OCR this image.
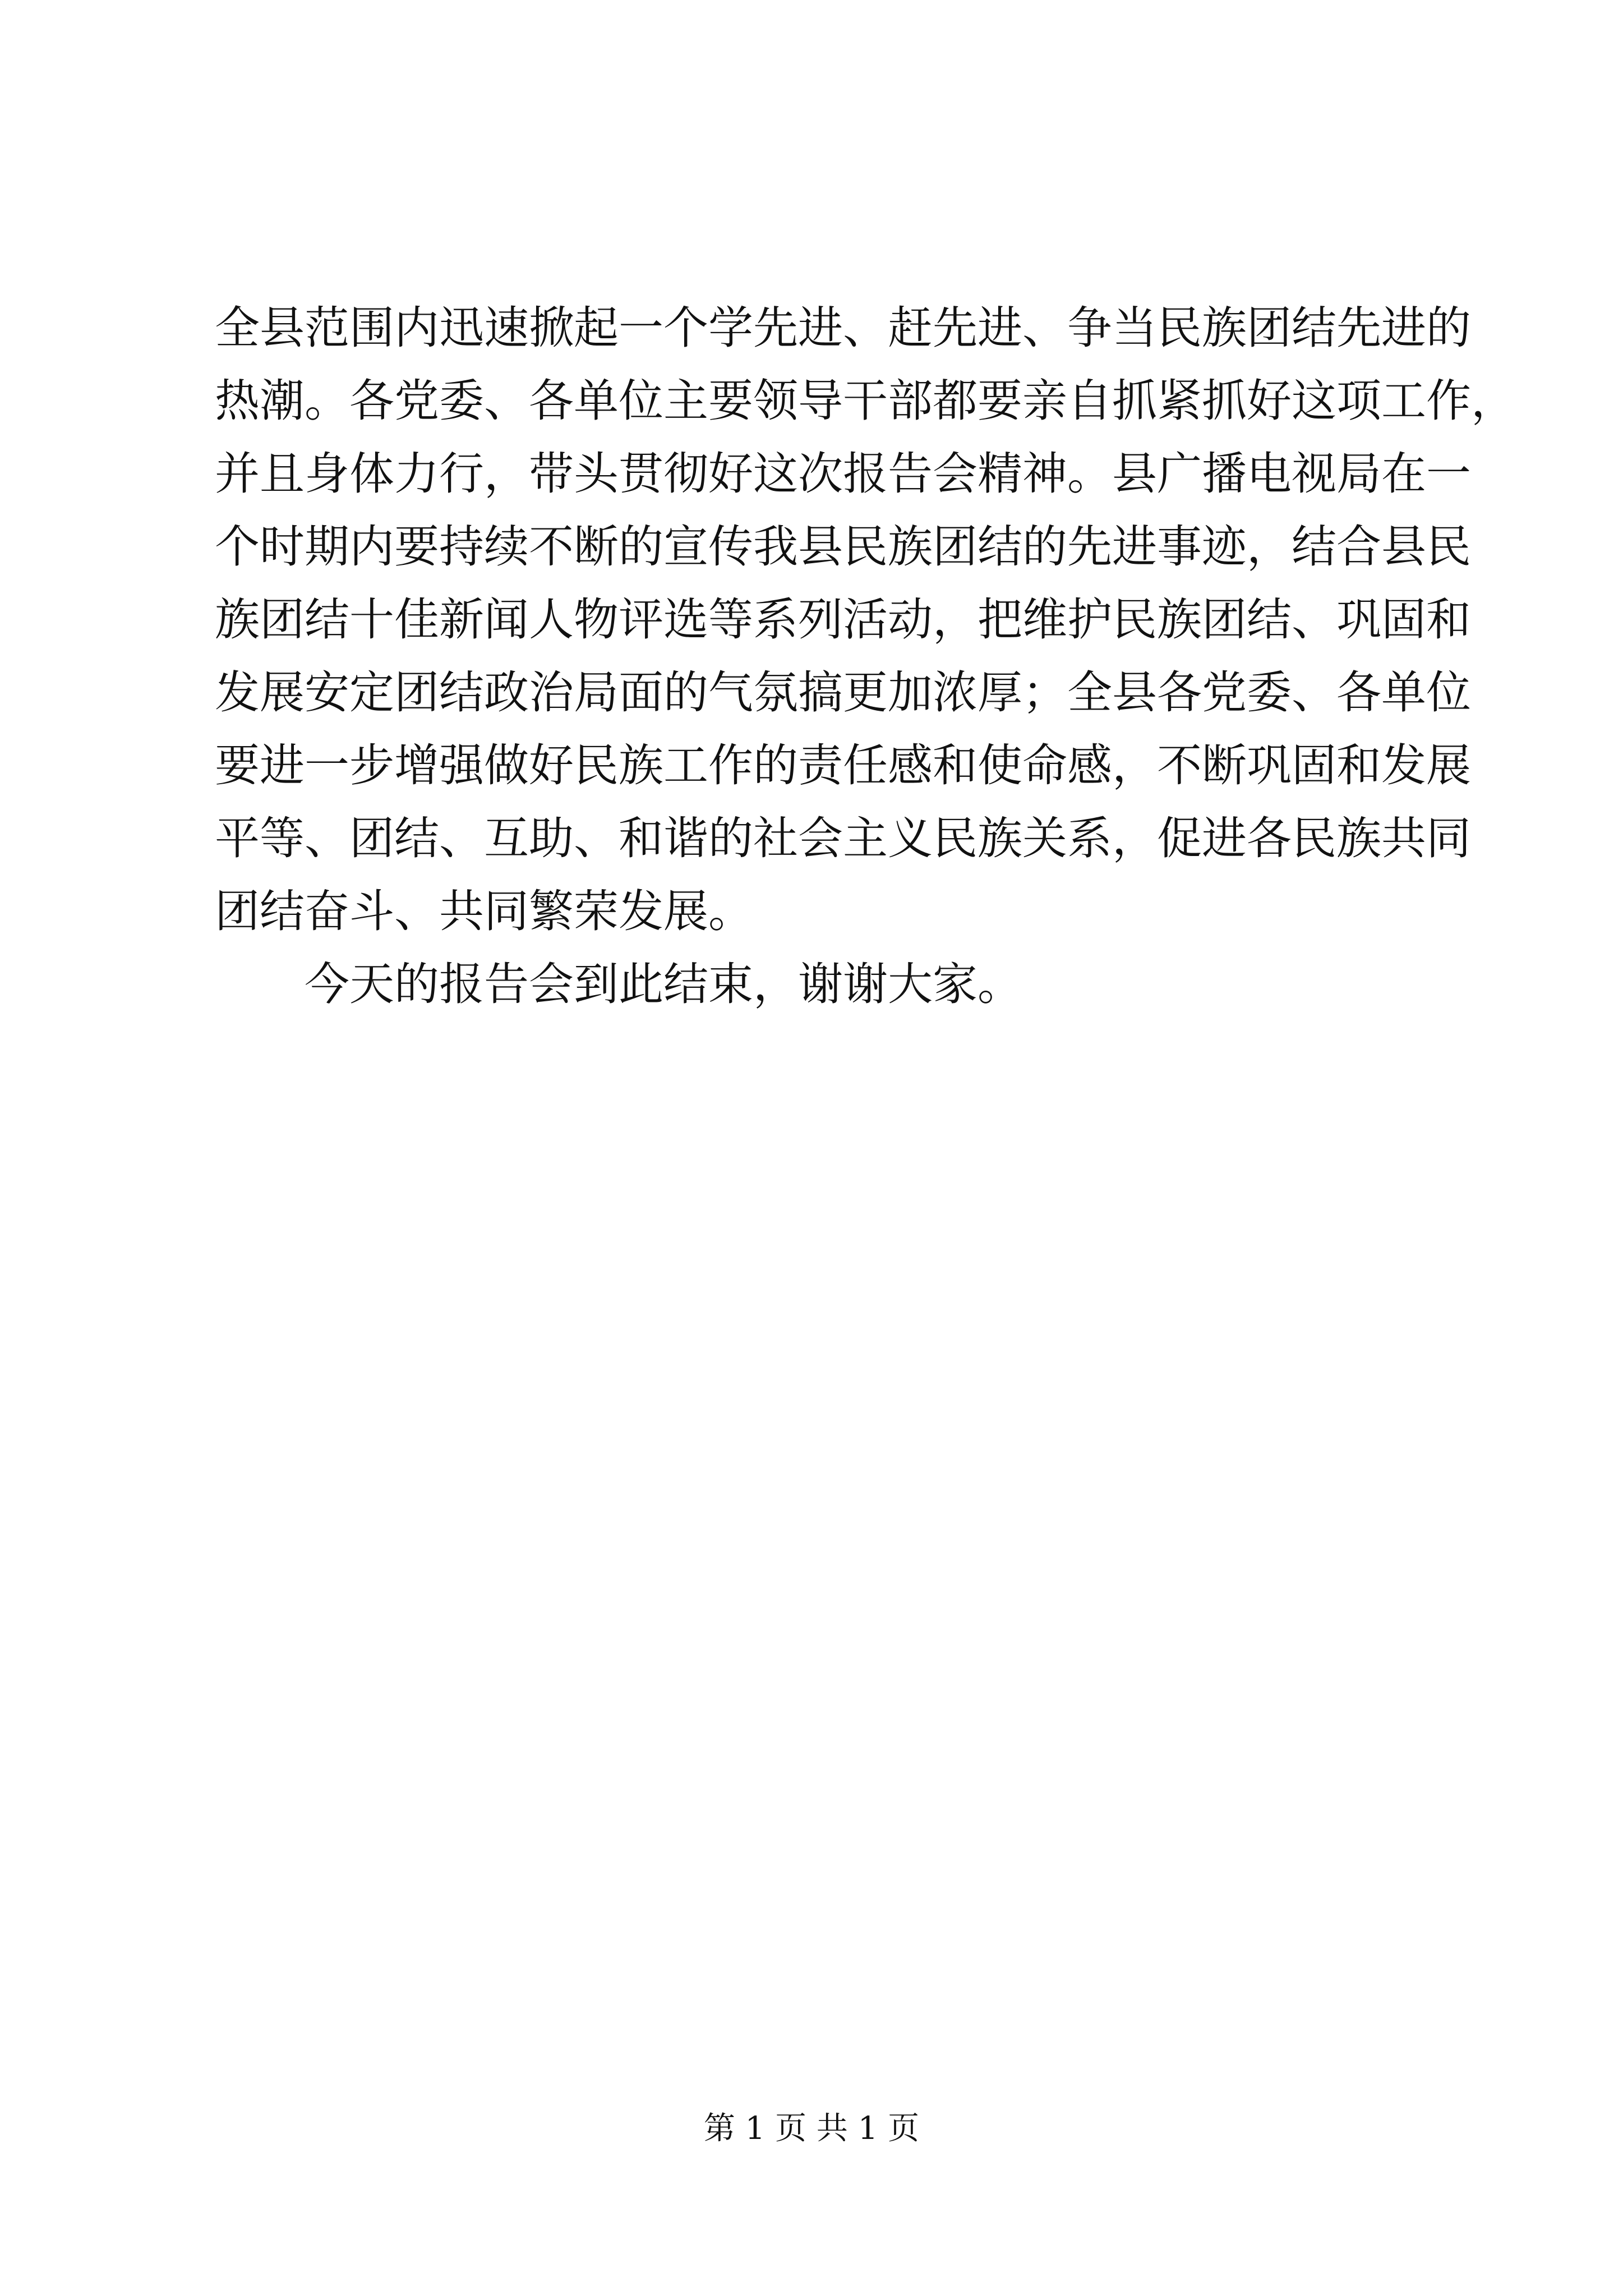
全县范围内迅速掀起一个学先进、赶先进、争当民族团结先进的
热潮。各党委、各单位主要领导干部都要亲自抓紧抓好这项工作，
并且身体力行，带头贯彻好这次报告会精神。县广播电视局在一
个时期内要持续不断的宣传我县民族团结的先进事迹，结合县民
族团结十佳新闻人物评选等系列活动，把维护民族团结、巩固和
发展安定团结政治局面的气氛搞更加浓厚；全县各党委、各单位
要进一步增强做好民族工作的责任感和使命感，不断巩固和发展
平等、团结、互助、和谐的社会主义民族关系，促进各民族共同
团结奋斗、共同繁荣发展。
今天的报告会到此结束，谢谢大家。
第 1 页 共 1 页
